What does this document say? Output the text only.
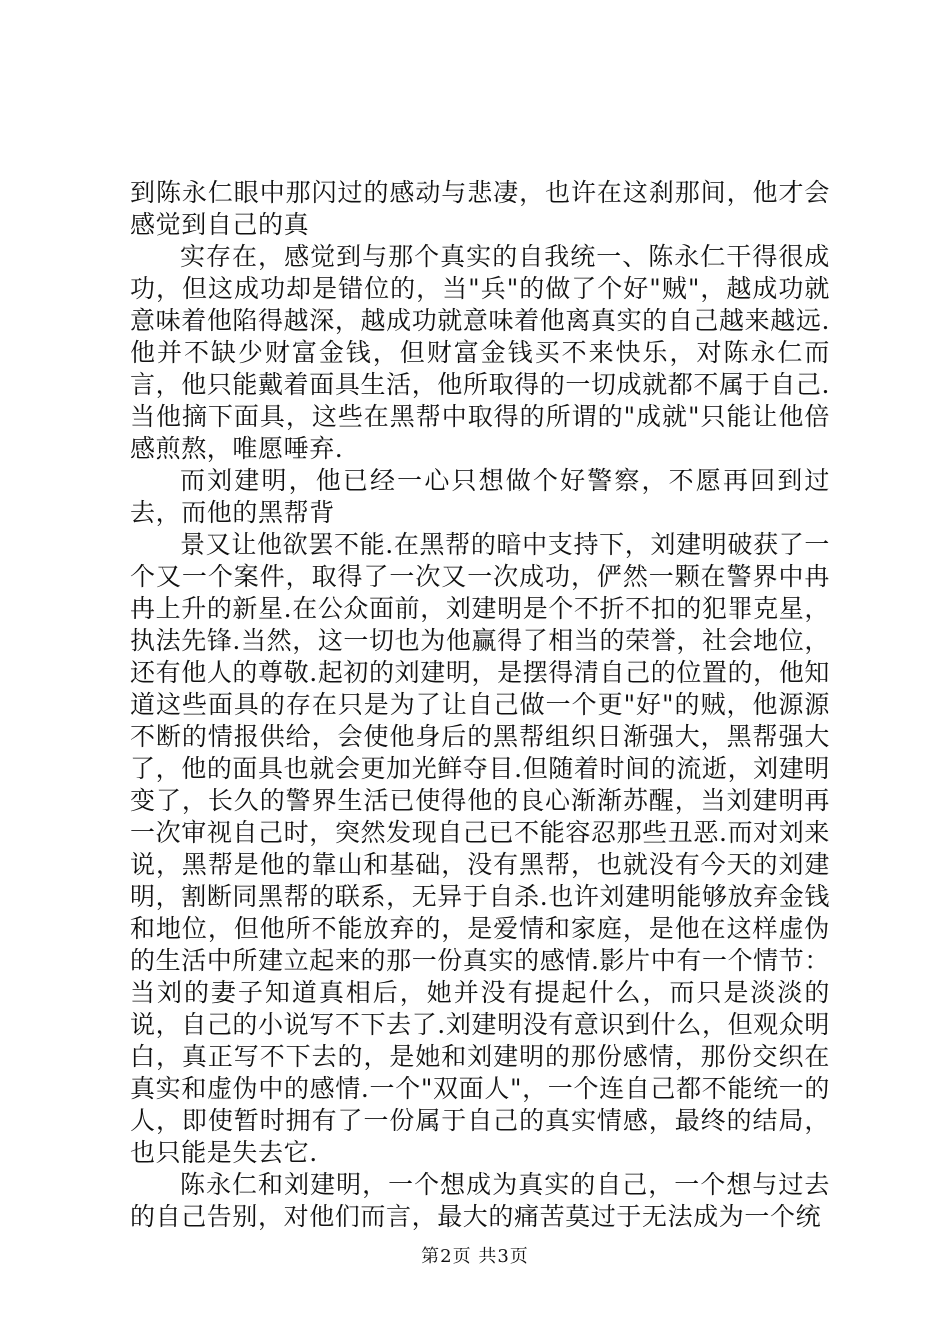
到陈永仁眼中那闪过的感动与悲凄，也许在这刹那间，他才会感觉到自己的真

实存在，感觉到与那个真实的自我统一、陈永仁干得很成功，但这成功却是错位的，当"兵"的做了个好"贼"，越成功就意味着他陷得越深，越成功就意味着他离真实的自己越来越远.他并不缺少财富金钱，但财富金钱买不来快乐，对陈永仁而言，他只能戴着面具生活，他所取得的一切成就都不属于自己.当他摘下面具，这些在黑帮中取得的所谓的"成就"只能让他倍感煎熬，唯愿唾弃.

而刘建明，他已经一心只想做个好警察，不愿再回到过去，而他的黑帮背

景又让他欲罢不能.在黑帮的暗中支持下，刘建明破获了一个又一个案件，取得了一次又一次成功，俨然一颗在警界中冉冉上升的新星.在公众面前，刘建明是个不折不扣的犯罪克星，执法先锋.当然，这一切也为他赢得了相当的荣誉，社会地位，还有他人的尊敬.起初的刘建明，是摆得清自己的位置的，他知道这些面具的存在只是为了让自己做一个更"好"的贼，他源源不断的情报供给，会使他身后的黑帮组织日渐强大，黑帮强大了，他的面具也就会更加光鲜夺目.但随着时间的流逝，刘建明变了，长久的警界生活已使得他的良心渐渐苏醒，当刘建明再一次审视自己时，突然发现自己已不能容忍那些丑恶.而对刘来说，黑帮是他的靠山和基础，没有黑帮，也就没有今天的刘建明，割断同黑帮的联系，无异于自杀.也许刘建明能够放弃金钱和地位，但他所不能放弃的，是爱情和家庭，是他在这样虚伪的生活中所建立起来的那一份真实的感情.影片中有一个情节：当刘的妻子知道真相后，她并没有提起什么，而只是淡淡的说，自己的小说写不下去了.刘建明没有意识到什么，但观众明白，真正写不下去的，是她和刘建明的那份感情，那份交织在真实和虚伪中的感情.一个"双面人"，一个连自己都不能统一的人，即使暂时拥有了一份属于自己的真实情感，最终的结局，也只能是失去它.

陈永仁和刘建明，一个想成为真实的自己，一个想与过去的自己告别，对他们而言，最大的痛苦莫过于无法成为一个统

第2页 共3页
